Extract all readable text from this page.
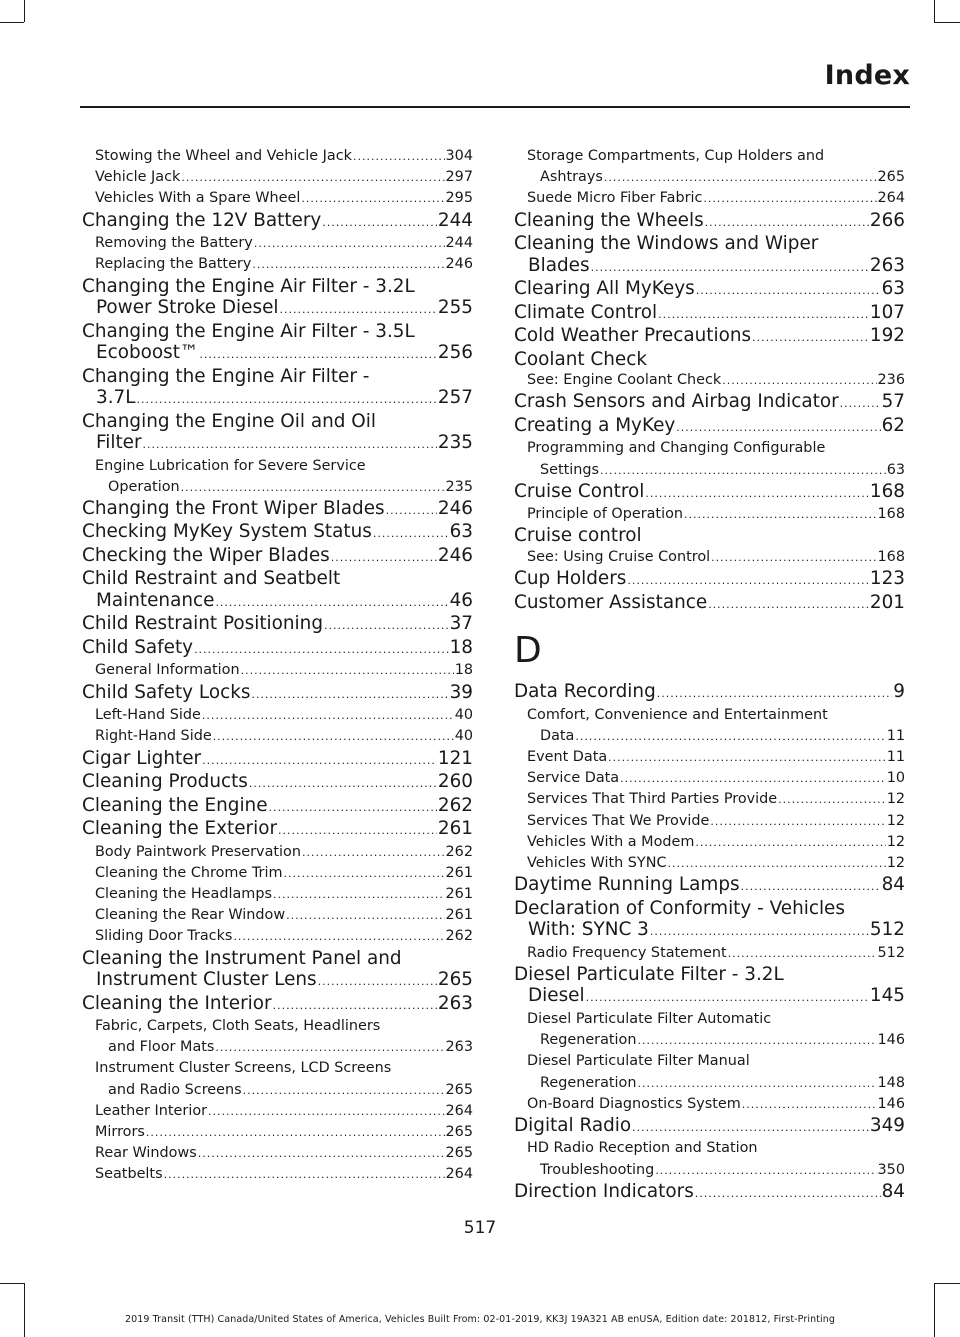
Index
Stowing the Wheel and Vehicle Jack .....	304
Vehicle Jack .....	297
Vehicles With a Spare Wheel .....	295
Changing the 12V Battery .....	244
Removing the Battery .....	244
Replacing the Battery .....	246
Changing the Engine Air Filter - 3.2L
Power Stroke Diesel .....	255
Changing the Engine Air Filter - 3.5L
Ecoboost™ .....	256
Changing the Engine Air Filter -
3.7L .....	257
Changing the Engine Oil and Oil
Filter .....	235
Engine Lubrication for Severe Service
Operation .....	235
Changing the Front Wiper Blades .....	246
Checking MyKey System Status .....	63
Checking the Wiper Blades .....	246
Child Restraint and Seatbelt
Maintenance .....	46
Child Restraint Positioning .....	37
Child Safety .....	18
General Information .....	18
Child Safety Locks .....	39
Left-Hand Side .....	40
Right-Hand Side .....	40
Cigar Lighter .....	121
Cleaning Products .....	260
Cleaning the Engine .....	262
Cleaning the Exterior .....	261
Body Paintwork Preservation .....	262
Cleaning the Chrome Trim .....	261
Cleaning the Headlamps .....	261
Cleaning the Rear Window .....	261
Sliding Door Tracks .....	262
Cleaning the Instrument Panel and
Instrument Cluster Lens .....	265
Cleaning the Interior .....	263
Fabric, Carpets, Cloth Seats, Headliners
and Floor Mats .....	263
Instrument Cluster Screens, LCD Screens
and Radio Screens .....	265
Leather Interior .....	264
Mirrors .....	265
Rear Windows .....	265
Seatbelts .....	264
Storage Compartments, Cup Holders and
Ashtrays .....	265
Suede Micro Fiber Fabric .....	264
Cleaning the Wheels .....	266
Cleaning the Windows and Wiper
Blades .....	263
Clearing All MyKeys .....	63
Climate Control .....	107
Cold Weather Precautions .....	192
Coolant Check
See: Engine Coolant Check .....	236
Crash Sensors and Airbag Indicator ..... 57
Creating a MyKey .....	62
Programming and Changing Configurable
Settings .....	63
Cruise Control .....	168
Principle of Operation .....	168
Cruise control
See: Using Cruise Control .....	168
Cup Holders .....	123
Customer Assistance .....	201
D
Data Recording .....	9
Comfort, Convenience and Entertainment
Data .....	11
Event Data .....	11
Service Data .....	10
Services That Third Parties Provide .....	12
Services That We Provide .....	12
Vehicles With a Modem .....	12
Vehicles With SYNC .....	12
Daytime Running Lamps .....	84
Declaration of Conformity - Vehicles
With: SYNC 3 .....	512
Radio Frequency Statement .....	512
Diesel Particulate Filter - 3.2L
Diesel .....	145
Diesel Particulate Filter Automatic
Regeneration .....	146
Diesel Particulate Filter Manual
Regeneration .....	148
On-Board Diagnostics System .....	146
Digital Radio .....	349
HD Radio Reception and Station
Troubleshooting .....	350
Direction Indicators .....	84
517
2019 Transit (TTH) Canada/United States of America, Vehicles Built From: 02-01-2019, KK3J 19A321 AB enUSA, Edition date: 201812, First-Printing
